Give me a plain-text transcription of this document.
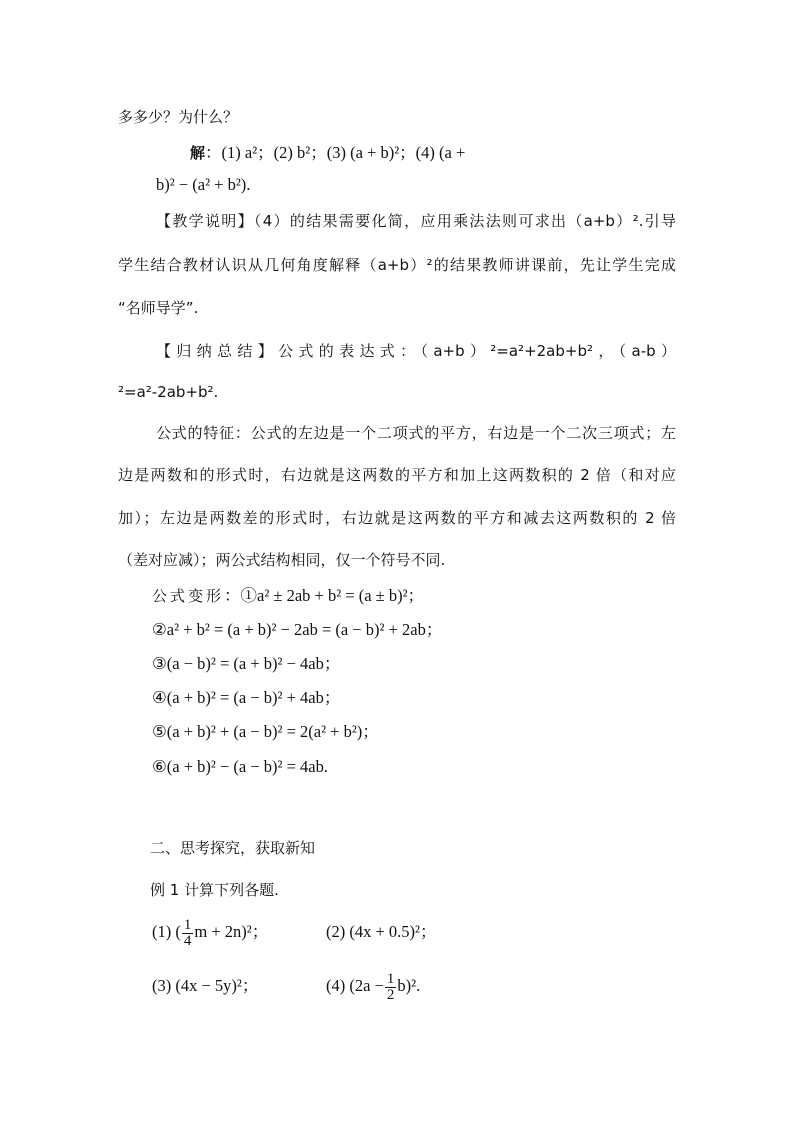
多多少？为什么？
解：(1) a²；(2) b²；(3) (a + b)²；(4) (a +
b)² − (a² + b²).
【教学说明】（4）的结果需要化简，应用乘法法则可求出（a+b）².引导
学生结合教材认识从几何角度解释（a+b）²的结果教师讲课前，先让学生完成
“名师导学”.
【归纳总结】公式的表达式：（a+b）²=a²+2ab+b²，（a-b）
²=a²-2ab+b².
公式的特征：公式的左边是一个二项式的平方，右边是一个二次三项式；左
边是两数和的形式时，右边就是这两数的平方和加上这两数积的 2 倍（和对应
加）；左边是两数差的形式时，右边就是这两数的平方和减去这两数积的 2 倍
（差对应减）；两公式结构相同，仅一个符号不同.
公式变形：①a² ± 2ab + b² = (a ± b)²；
②a² + b² = (a + b)² − 2ab = (a − b)² + 2ab；
③(a − b)² = (a + b)² − 4ab；
④(a + b)² = (a − b)² + 4ab；
⑤(a + b)² + (a − b)² = 2(a² + b²)；
⑥(a + b)² − (a − b)² = 4ab.
二、思考探究，获取新知
例 1 计算下列各题.
(1) ( $\frac{1}{4}$ m + 2n)²；	(2) (4x + 0.5)²；
(3) (4x − 5y)²；	(4) $(2a - \frac{1}{2} b)^2$.
